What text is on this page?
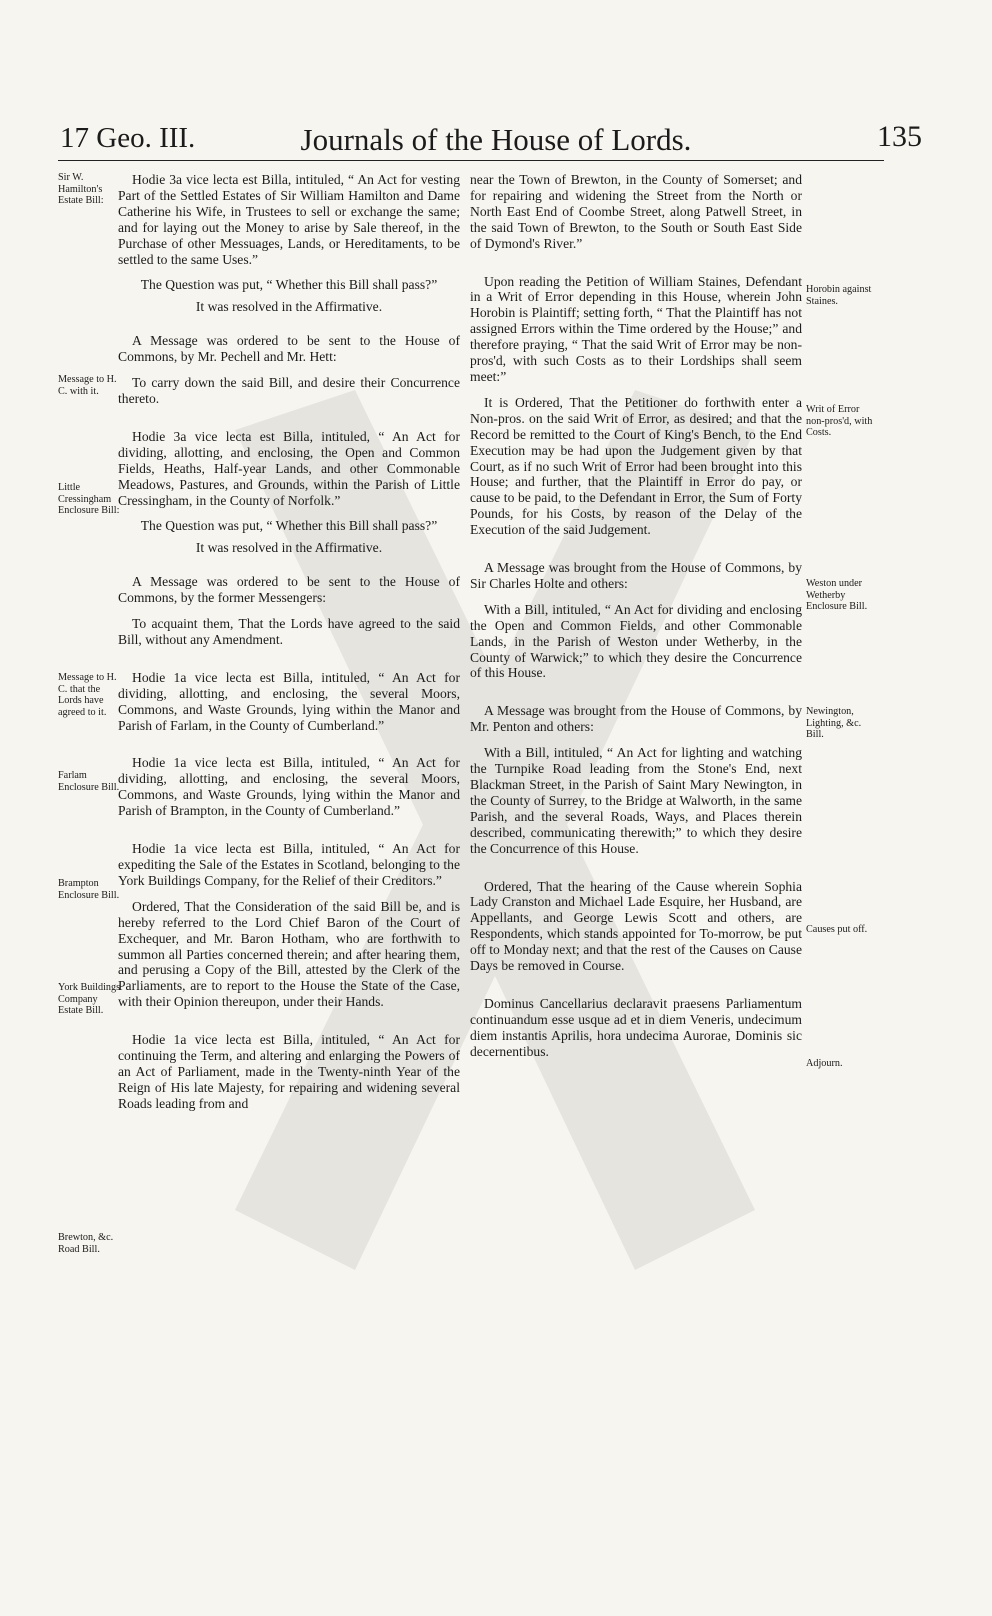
17 Geo. III.	Journals of the House of Lords.	135

Hodie 3a vice lecta est Billa, intituled, “ An Act for vesting Part of the Settled Estates of Sir William Hamilton and Dame Catherine his Wife, in Trustees to sell or exchange the same; and for laying out the Money to arise by Sale thereof, in the Purchase of other Messuages, Lands, or Hereditaments, to be settled to the same Uses.”

The Question was put, “ Whether this Bill shall pass?”

It was resolved in the Affirmative.

A Message was ordered to be sent to the House of Commons, by Mr. Pechell and Mr. Hett:

To carry down the said Bill, and desire their Concurrence thereto.

Hodie 3a vice lecta est Billa, intituled, “ An Act for dividing, allotting, and enclosing, the Open and Common Fields, Heaths, Half-year Lands, and other Commonable Meadows, Pastures, and Grounds, within the Parish of Little Cressingham, in the County of Norfolk.”

The Question was put, “ Whether this Bill shall pass?”

It was resolved in the Affirmative.

A Message was ordered to be sent to the House of Commons, by the former Messengers:

To acquaint them, That the Lords have agreed to the said Bill, without any Amendment.

Hodie 1a vice lecta est Billa, intituled, “ An Act for dividing, allotting, and enclosing, the several Moors, Commons, and Waste Grounds, lying within the Manor and Parish of Farlam, in the County of Cumberland.”

Hodie 1a vice lecta est Billa, intituled, “ An Act for dividing, allotting, and enclosing, the several Moors, Commons, and Waste Grounds, lying within the Manor and Parish of Brampton, in the County of Cumberland.”

Hodie 1a vice lecta est Billa, intituled, “ An Act for expediting the Sale of the Estates in Scotland, belonging to the York Buildings Company, for the Relief of their Creditors.”

Ordered, That the Consideration of the said Bill be, and is hereby referred to the Lord Chief Baron of the Court of Exchequer, and Mr. Baron Hotham, who are forthwith to summon all Parties concerned therein; and after hearing them, and perusing a Copy of the Bill, attested by the Clerk of the Parliaments, are to report to the House the State of the Case, with their Opinion thereupon, under their Hands.

Hodie 1a vice lecta est Billa, intituled, “ An Act for continuing the Term, and altering and enlarging the Powers of an Act of Parliament, made in the Twenty-ninth Year of the Reign of His late Majesty, for repairing and widening several Roads leading from and

near the Town of Brewton, in the County of Somerset; and for repairing and widening the Street from the North or North East End of Coombe Street, along Patwell Street, in the said Town of Brewton, to the South or South East Side of Dymond's River.”

Upon reading the Petition of William Staines, Defendant in a Writ of Error depending in this House, wherein John Horobin is Plaintiff; setting forth, “ That the Plaintiff has not assigned Errors within the Time ordered by the House;” and therefore praying, “ That the said Writ of Error may be non-pros'd, with such Costs as to their Lordships shall seem meet:”

It is Ordered, That the Petitioner do forthwith enter a Non-pros. on the said Writ of Error, as desired; and that the Record be remitted to the Court of King's Bench, to the End Execution may be had upon the Judgement given by that Court, as if no such Writ of Error had been brought into this House; and further, that the Plaintiff in Error do pay, or cause to be paid, to the Defendant in Error, the Sum of Forty Pounds, for his Costs, by reason of the Delay of the Execution of the said Judgement.

A Message was brought from the House of Commons, by Sir Charles Holte and others:

With a Bill, intituled, “ An Act for dividing and enclosing the Open and Common Fields, and other Commonable Lands, in the Parish of Weston under Wetherby, in the County of Warwick;” to which they desire the Concurrence of this House.

A Message was brought from the House of Commons, by Mr. Penton and others:

With a Bill, intituled, “ An Act for lighting and watching the Turnpike Road leading from the Stone's End, next Blackman Street, in the Parish of Saint Mary Newington, in the County of Surrey, to the Bridge at Walworth, in the same Parish, and the several Roads, Ways, and Places therein described, communicating therewith;” to which they desire the Concurrence of this House.

Ordered, That the hearing of the Cause wherein Sophia Lady Cranston and Michael Lade Esquire, her Husband, are Appellants, and George Lewis Scott and others, are Respondents, which stands appointed for To-morrow, be put off to Monday next; and that the rest of the Causes on Cause Days be removed in Course.

Dominus Cancellarius declaravit praesens Parliamentum continuandum esse usque ad et in diem Veneris, undecimum diem instantis Aprilis, hora undecima Aurorae, Dominis sic decernentibus.

Sir W. Hamilton's Estate Bill:
Message to H. C. with it.
Little Cressingham Enclosure Bill:
Message to H. C. that the Lords have agreed to it.
Farlam Enclosure Bill.
Brampton Enclosure Bill.
York Buildings Company Estate Bill.
Brewton, &c. Road Bill.
Horobin against Staines.
Writ of Error non-pros'd, with Costs.
Weston under Wetherby Enclosure Bill.
Newington, Lighting, &c. Bill.
Causes put off.
Adjourn.
